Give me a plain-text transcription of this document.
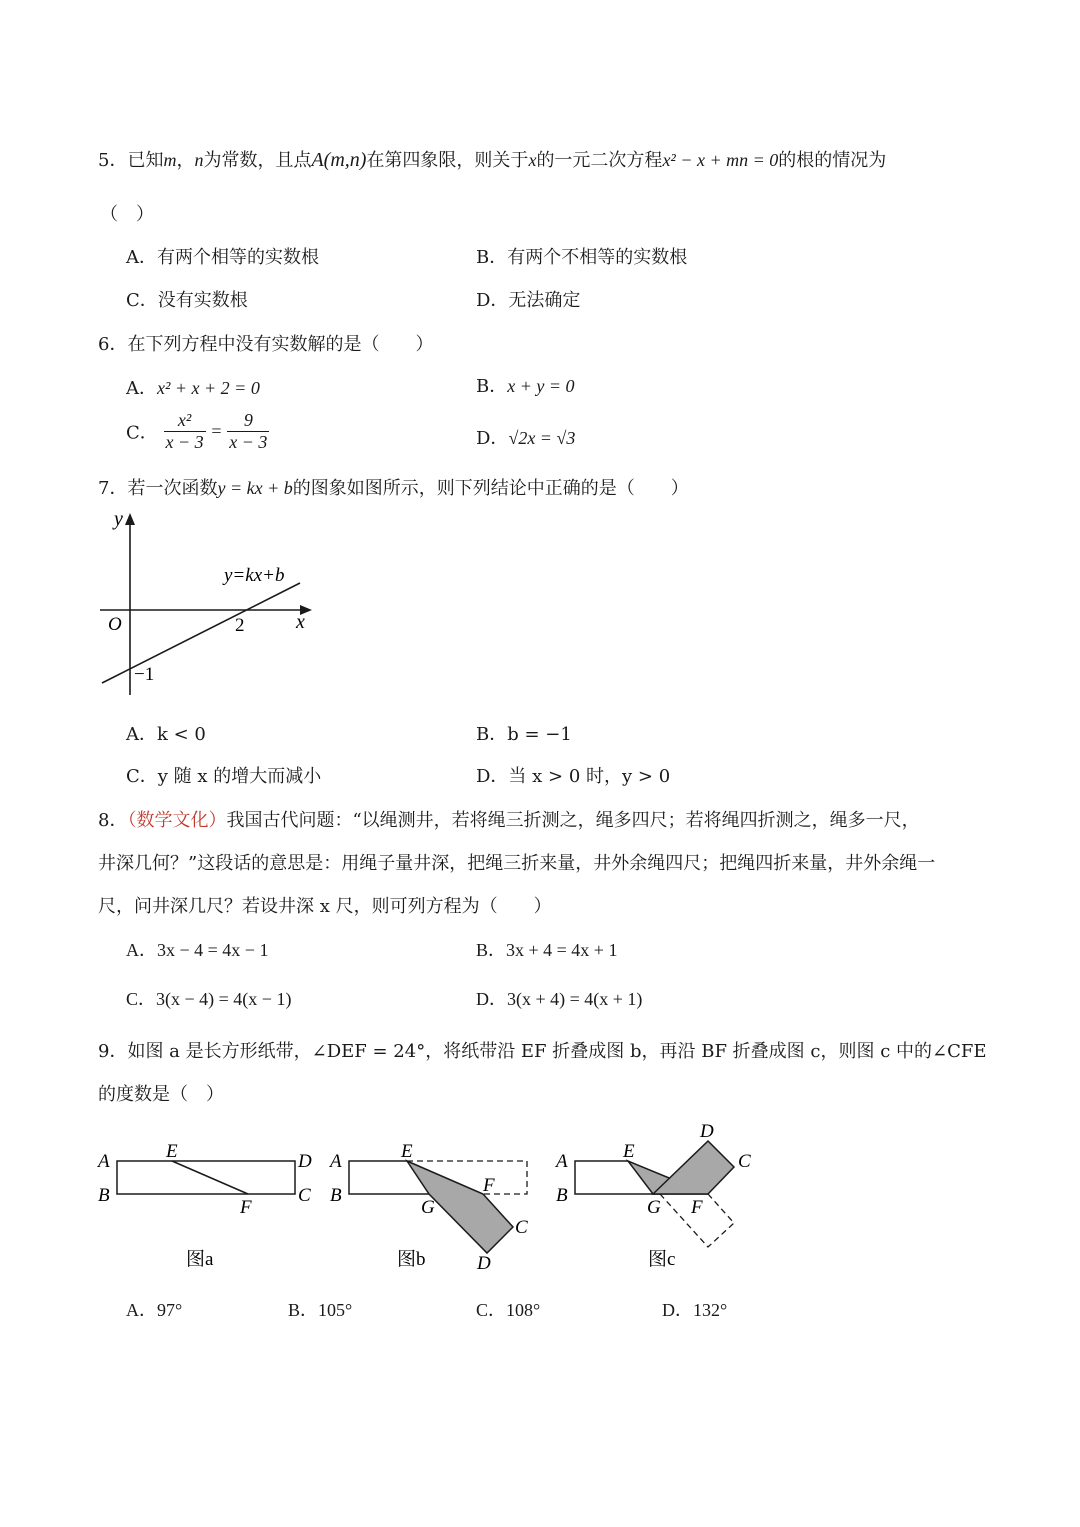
5．已知m，n为常数，且点A(m,n)在第四象限，则关于x的一元二次方程x² − x + mn = 0的根的情况为
（　）
A．有两个相等的实数根	B．有两个不相等的实数根
C．没有实数根	D．无法确定
6．在下列方程中没有实数解的是（　　）
A．x² + x + 2 = 0	B．x + y = 0
C． $\frac{\text{x²}}{x - 3} = \frac{9}{x - 3}$	D．√2x = √3
7．若一次函数y = kx + b的图象如图所示，则下列结论中正确的是（　　）
y
x
O	2
−1
y=kx+b
A．k < 0	B．b = −1
C．y 随 x 的增大而减小	D．当 x > 0 时，y > 0
8．（数学文化）我国古代问题：“以绳测井，若将绳三折测之，绳多四尺；若将绳四折测之，绳多一尺，
井深几何？”这段话的意思是：用绳子量井深，把绳三折来量，井外余绳四尺；把绳四折来量，井外余绳一
尺，问井深几尺？若设井深 x 尺，则可列方程为（　　）
A．3x − 4 = 4x − 1	B．3x + 4 = 4x + 1
C．3(x − 4) = 4(x − 1)	D．3(x + 4) = 4(x + 1)
9．如图 a 是长方形纸带，∠DEF = 24°，将纸带沿 EF 折叠成图 b，再沿 BF 折叠成图 c，则图 c 中的∠CFE
的度数是（　）
A
B
E	D
C
F
图a
A
B
E
F
G
C
D
图b
A
B
E
D
C
G F
图c
A．97°	B．105°	C．108°	D．132°
